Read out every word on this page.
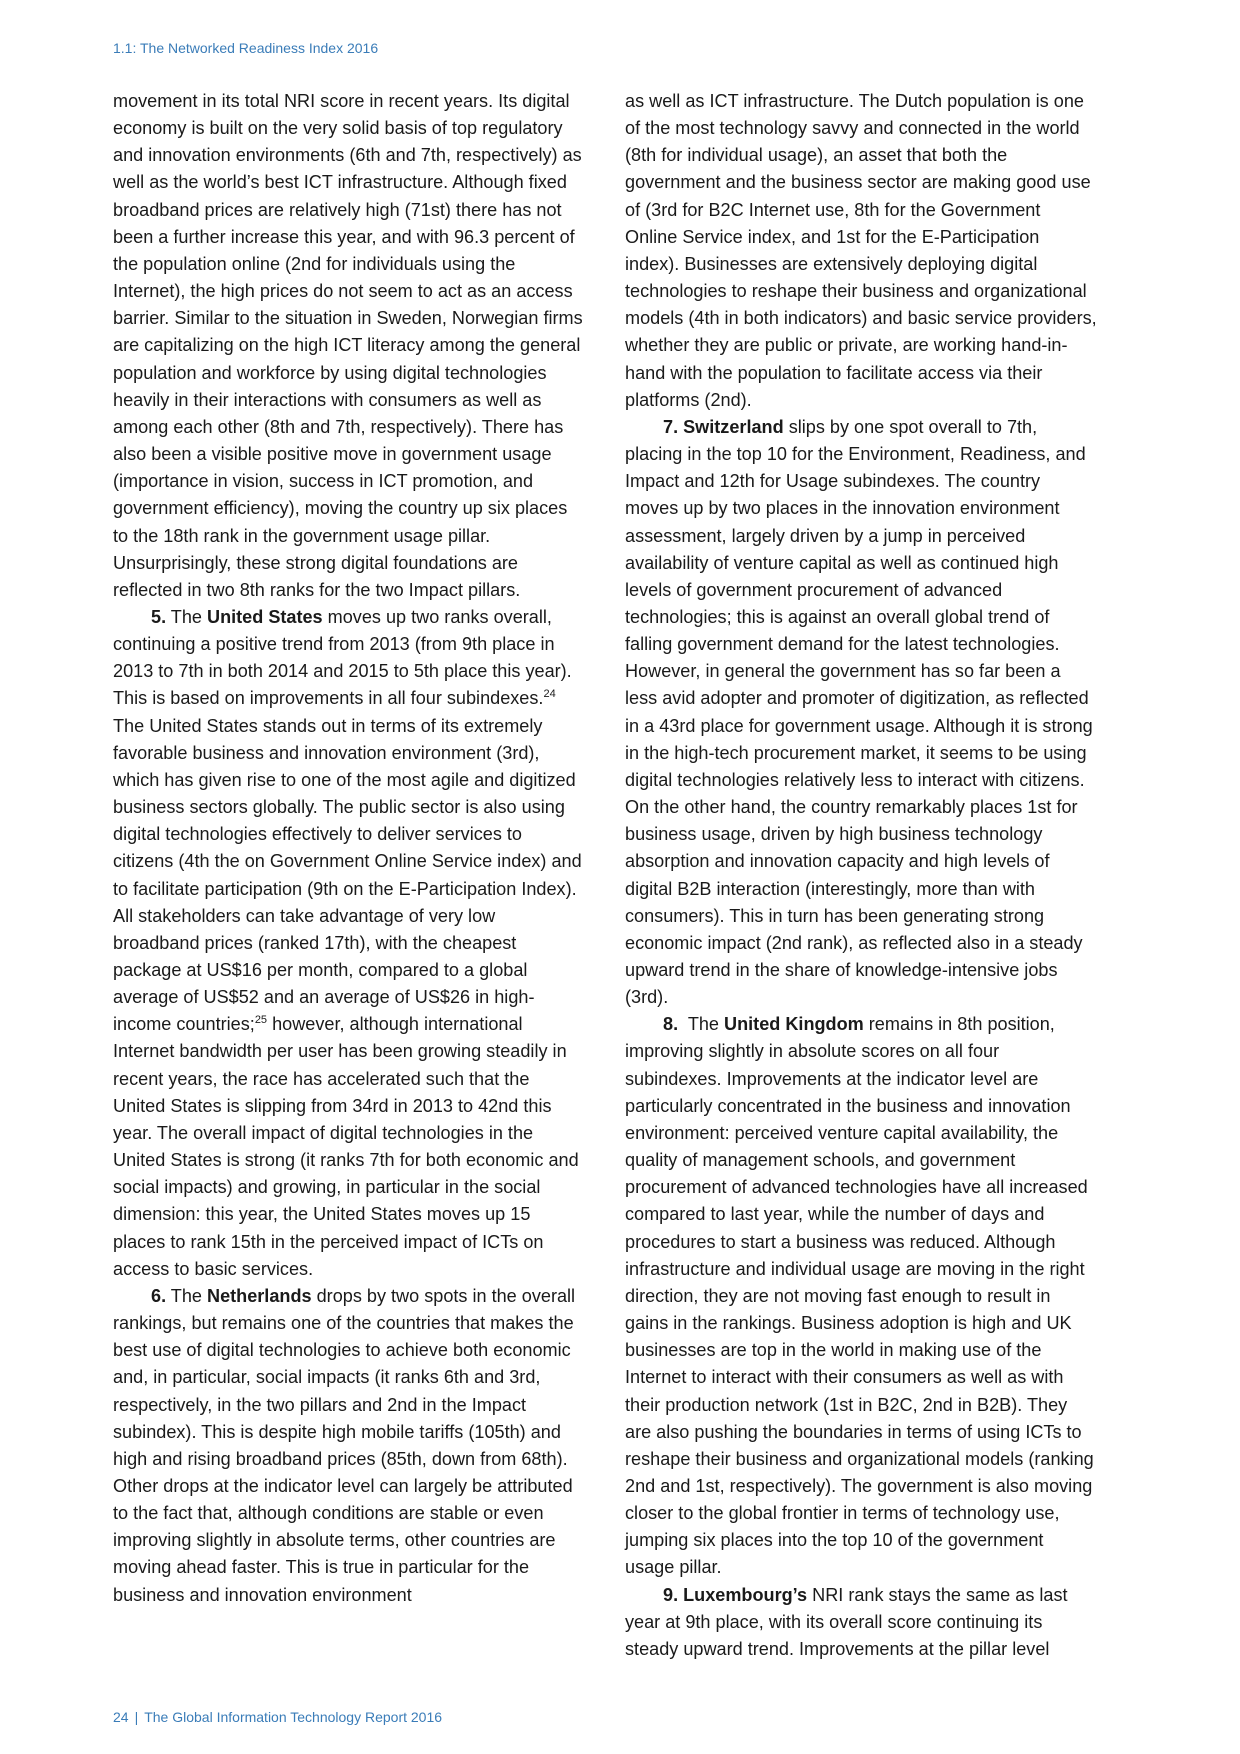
1.1: The Networked Readiness Index 2016

movement in its total NRI score in recent years. Its digital economy is built on the very solid basis of top regulatory and innovation environments (6th and 7th, respectively) as well as the world’s best ICT infrastructure. Although fixed broadband prices are relatively high (71st) there has not been a further increase this year, and with 96.3 percent of the population online (2nd for individuals using the Internet), the high prices do not seem to act as an access barrier. Similar to the situation in Sweden, Norwegian firms are capitalizing on the high ICT literacy among the general population and workforce by using digital technologies heavily in their interactions with consumers as well as among each other (8th and 7th, respectively). There has also been a visible positive move in government usage (importance in vision, success in ICT promotion, and government efficiency), moving the country up six places to the 18th rank in the government usage pillar. Unsurprisingly, these strong digital foundations are reflected in two 8th ranks for the two Impact pillars.

5. The United States moves up two ranks overall, continuing a positive trend from 2013 (from 9th place in 2013 to 7th in both 2014 and 2015 to 5th place this year). This is based on improvements in all four subindexes.$^{24}$ The United States stands out in terms of its extremely favorable business and innovation environment (3rd), which has given rise to one of the most agile and digitized business sectors globally. The public sector is also using digital technologies effectively to deliver services to citizens (4th the on Government Online Service index) and to facilitate participation (9th on the E-Participation Index). All stakeholders can take advantage of very low broadband prices (ranked 17th), with the cheapest package at US$16 per month, compared to a global average of US$52 and an average of US$26 in high-income countries;$^{25}$ however, although international Internet bandwidth per user has been growing steadily in recent years, the race has accelerated such that the United States is slipping from 34rd in 2013 to 42nd this year. The overall impact of digital technologies in the United States is strong (it ranks 7th for both economic and social impacts) and growing, in particular in the social dimension: this year, the United States moves up 15 places to rank 15th in the perceived impact of ICTs on access to basic services.

6. The Netherlands drops by two spots in the overall rankings, but remains one of the countries that makes the best use of digital technologies to achieve both economic and, in particular, social impacts (it ranks 6th and 3rd, respectively, in the two pillars and 2nd in the Impact subindex). This is despite high mobile tariffs (105th) and high and rising broadband prices (85th, down from 68th). Other drops at the indicator level can largely be attributed to the fact that, although conditions are stable or even improving slightly in absolute terms, other countries are moving ahead faster. This is true in particular for the business and innovation environment

as well as ICT infrastructure. The Dutch population is one of the most technology savvy and connected in the world (8th for individual usage), an asset that both the government and the business sector are making good use of (3rd for B2C Internet use, 8th for the Government Online Service index, and 1st for the E-Participation index). Businesses are extensively deploying digital technologies to reshape their business and organizational models (4th in both indicators) and basic service providers, whether they are public or private, are working hand-in-hand with the population to facilitate access via their platforms (2nd).

7. Switzerland slips by one spot overall to 7th, placing in the top 10 for the Environment, Readiness, and Impact and 12th for Usage subindexes. The country moves up by two places in the innovation environment assessment, largely driven by a jump in perceived availability of venture capital as well as continued high levels of government procurement of advanced technologies; this is against an overall global trend of falling government demand for the latest technologies. However, in general the government has so far been a less avid adopter and promoter of digitization, as reflected in a 43rd place for government usage. Although it is strong in the high-tech procurement market, it seems to be using digital technologies relatively less to interact with citizens. On the other hand, the country remarkably places 1st for business usage, driven by high business technology absorption and innovation capacity and high levels of digital B2B interaction (interestingly, more than with consumers). This in turn has been generating strong economic impact (2nd rank), as reflected also in a steady upward trend in the share of knowledge-intensive jobs (3rd).

8.  The United Kingdom remains in 8th position, improving slightly in absolute scores on all four subindexes. Improvements at the indicator level are particularly concentrated in the business and innovation environment: perceived venture capital availability, the quality of management schools, and government procurement of advanced technologies have all increased compared to last year, while the number of days and procedures to start a business was reduced. Although infrastructure and individual usage are moving in the right direction, they are not moving fast enough to result in gains in the rankings. Business adoption is high and UK businesses are top in the world in making use of the Internet to interact with their consumers as well as with their production network (1st in B2C, 2nd in B2B). They are also pushing the boundaries in terms of using ICTs to reshape their business and organizational models (ranking 2nd and 1st, respectively). The government is also moving closer to the global frontier in terms of technology use, jumping six places into the top 10 of the government usage pillar.

9. Luxembourg’s NRI rank stays the same as last year at 9th place, with its overall score continuing its steady upward trend. Improvements at the pillar level

24 | The Global Information Technology Report 2016
